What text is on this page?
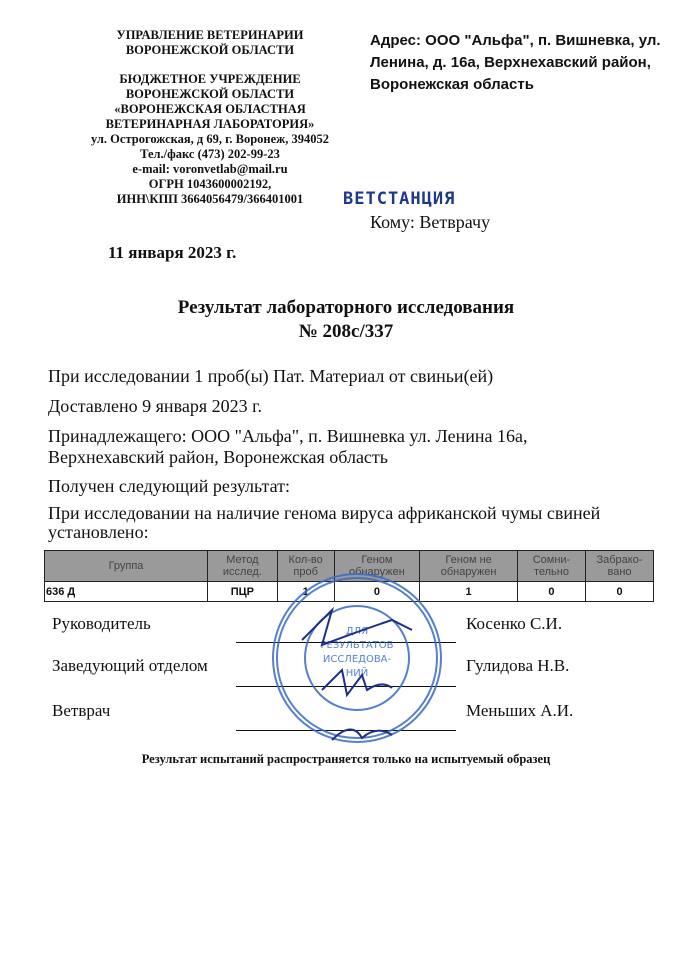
УПРАВЛЕНИЕ ВЕТЕРИНАРИИ
ВОРОНЕЖСКОЙ ОБЛАСТИ
БЮДЖЕТНОЕ УЧРЕЖДЕНИЕ
ВОРОНЕЖСКОЙ ОБЛАСТИ
«ВОРОНЕЖСКАЯ ОБЛАСТНАЯ
ВЕТЕРИНАРНАЯ ЛАБОРАТОРИЯ»
ул. Острогожская, д 69, г. Воронеж, 394052
Тел./факс (473) 202-99-23
e-mail: voronvetlab@mail.ru
ОГРН 1043600002192,
ИНН\КПП 3664056479/366401001
Адрес: ООО "Альфа", п. Вишневка, ул. Ленина, д. 16а, Верхнехавский район, Воронежская область
ВЕТСТАНЦИЯ
Кому: Ветврачу
11 января 2023 г.
Результат лабораторного исследования
№ 208с/337
При исследовании 1 проб(ы) Пат. Материал от свиньи(ей)
Доставлено 9 января 2023 г.
Принадлежащего: ООО "Альфа", п. Вишневка ул. Ленина 16а, Верхнехавский район, Воронежская область
Получен следующий результат:
При исследовании на наличие генома вируса африканской чумы свиней установлено:
Группа	Метод исслед.	Кол-во проб	Геном обнаружен	Геном не обнаружен	Сомни-тельно	Забрако-вано
636 Д	ПЦР	1	0	1	0	0
Руководитель	Косенко С.И.
Заведующий отделом	Гулидова Н.В.
Ветврач	Меньших А.И.
ДЛЯ
РЕЗУЛЬТАТОВ
ИССЛЕДОВА-
НИЙ
Результат испытаний распространяется только на испытуемый образец
